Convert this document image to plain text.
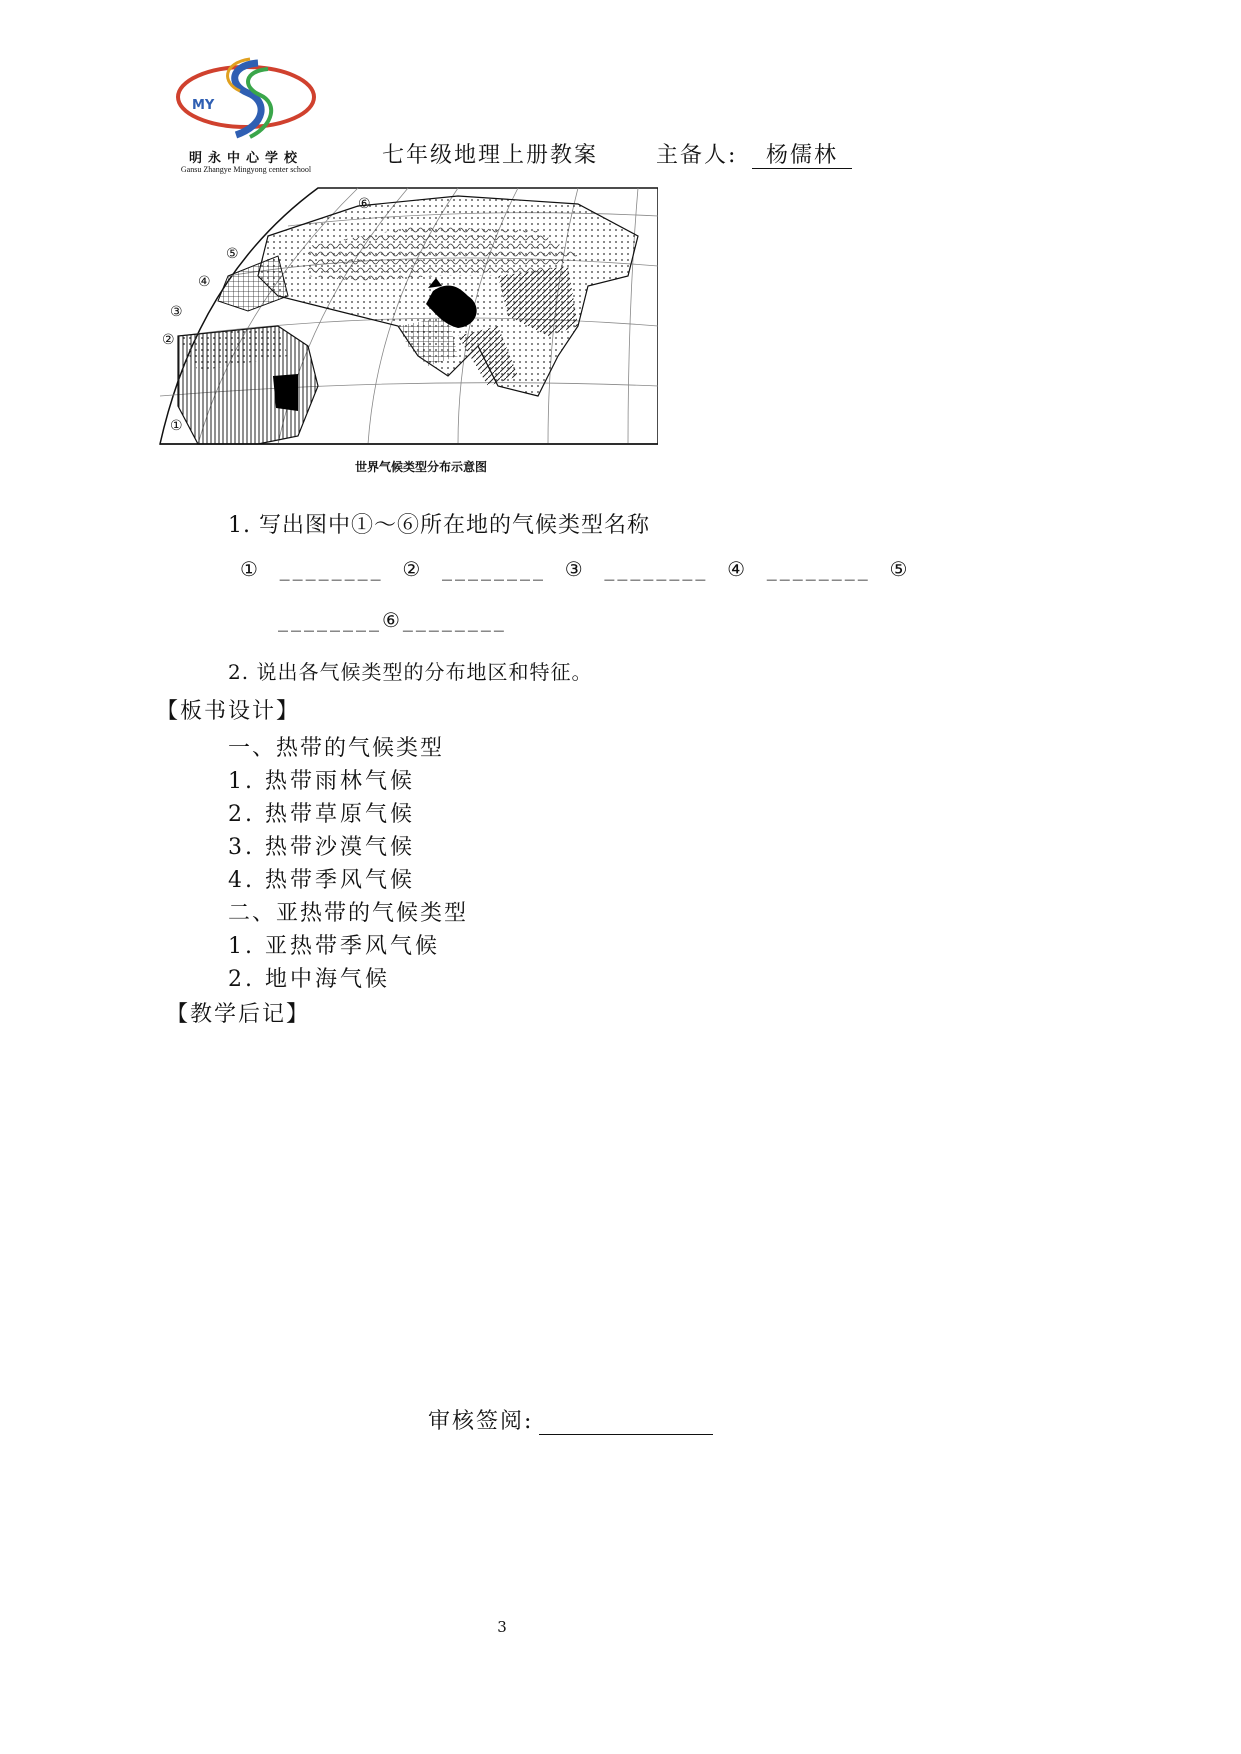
MY
明永中心学校
Gansu Zhangye Mingyong center school
七年级地理上册教案	主备人:	杨儒林
⑥
⑤
④
③
②
①
世界气候类型分布示意图
1. 写出图中①～⑥所在地的气候类型名称
①  ________  ②  ________  ③  ________  ④  ________  ⑤
________⑥________
2. 说出各气候类型的分布地区和特征。
【板书设计】
一、热带的气候类型
1. 热带雨林气候
2. 热带草原气候
3. 热带沙漠气候
4. 热带季风气候
二、亚热带的气候类型
1. 亚热带季风气候
2. 地中海气候
【教学后记】
审核签阅:
3
